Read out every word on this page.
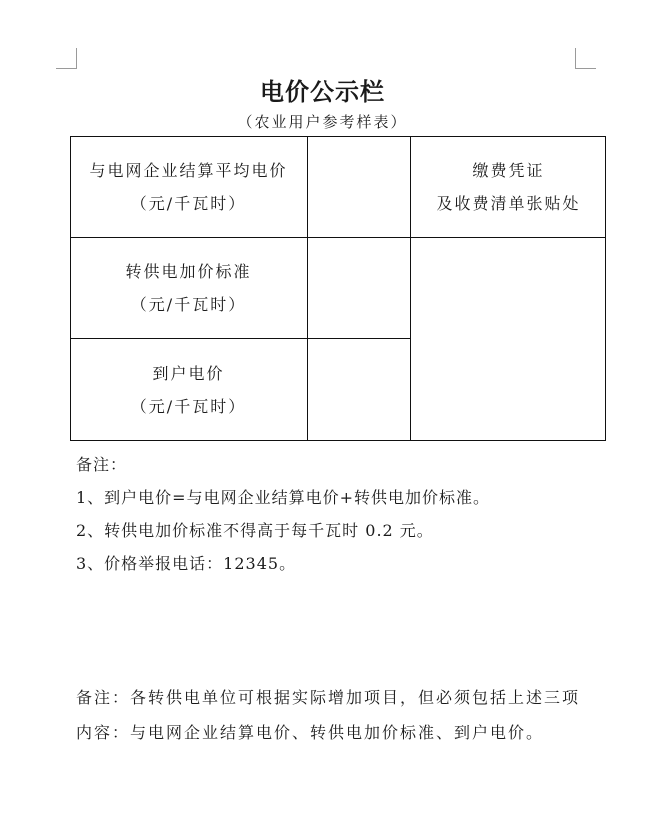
电价公示栏
（农业用户参考样表）
与电网企业结算平均电价
（元/千瓦时）
缴费凭证
及收费清单张贴处
转供电加价标准
（元/千瓦时）
到户电价
（元/千瓦时）
备注：
1、到户电价=与电网企业结算电价+转供电加价标准。
2、转供电加价标准不得高于每千瓦时 0.2 元。
3、价格举报电话：12345。
备注：各转供电单位可根据实际增加项目，但必须包括上述三项内容：与电网企业结算电价、转供电加价标准、到户电价。
